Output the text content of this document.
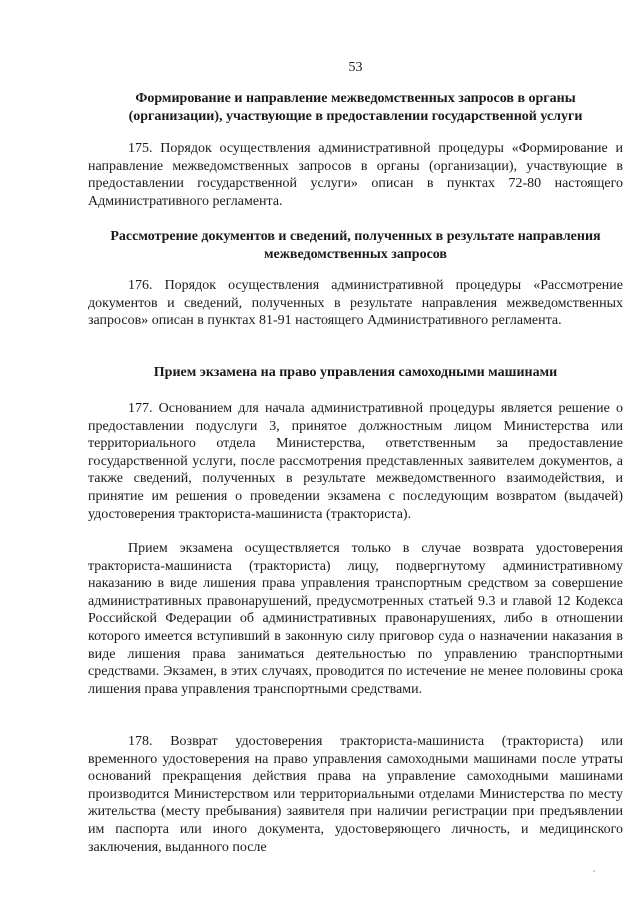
53
Формирование и направление межведомственных запросов в органы (организации), участвующие в предоставлении государственной услуги
175. Порядок осуществления административной процедуры «Формирование и направление межведомственных запросов в органы (организации), участвующие в предоставлении государственной услуги» описан в пунктах 72-80 настоящего Административного регламента.
Рассмотрение документов и сведений, полученных в результате направления межведомственных запросов
176. Порядок осуществления административной процедуры «Рассмотрение документов и сведений, полученных в результате направления межведомственных запросов» описан в пунктах 81-91 настоящего Административного регламента.
Прием экзамена на право управления самоходными машинами
177. Основанием для начала административной процедуры является решение о предоставлении подуслуги 3, принятое должностным лицом Министерства или территориального отдела Министерства, ответственным за предоставление государственной услуги, после рассмотрения представленных заявителем документов, а также сведений, полученных в результате межведомственного взаимодействия, и принятие им решения о проведении экзамена с последующим возвратом (выдачей) удостоверения тракториста-машиниста (тракториста).
Прием экзамена осуществляется только в случае возврата удостоверения тракториста-машиниста (тракториста) лицу, подвергнутому административному наказанию в виде лишения права управления транспортным средством за совершение административных правонарушений, предусмотренных статьей 9.3 и главой 12 Кодекса Российской Федерации об административных правонарушениях, либо в отношении которого имеется вступивший в законную силу приговор суда о назначении наказания в виде лишения права заниматься деятельностью по управлению транспортными средствами. Экзамен, в этих случаях, проводится по истечение не менее половины срока лишения права управления транспортными средствами.
178. Возврат удостоверения тракториста-машиниста (тракториста) или временного удостоверения на право управления самоходными машинами после утраты оснований прекращения действия права на управление самоходными машинами производится Министерством или территориальными отделами Министерства по месту жительства (месту пребывания) заявителя при наличии регистрации при предъявлении им паспорта или иного документа, удостоверяющего личность, и медицинского заключения, выданного после
